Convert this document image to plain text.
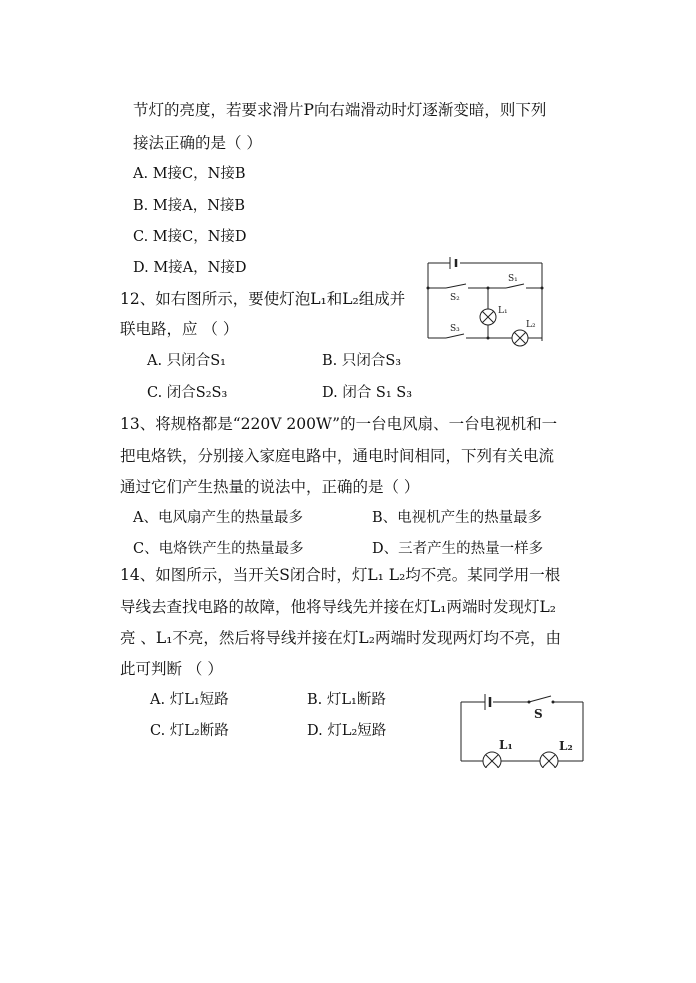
节灯的亮度，若要求滑片P向右端滑动时灯逐渐变暗，则下列
接法正确的是（ ）
A. M接C，N接B
B. M接A，N接B
C. M接C，N接D
D. M接A，N接D
12、如右图所示，要使灯泡L₁和L₂组成并
联电路，应 （ ）
A. 只闭合S₁	B. 只闭合S₃
C. 闭合S₂S₃	D. 闭合 S₁ S₃
S₁
S₂
S₃
L₁
L₂
13、将规格都是“220V 200W”的一台电风扇、一台电视机和一
把电烙铁，分别接入家庭电路中，通电时间相同，下列有关电流
通过它们产生热量的说法中，正确的是（ ）
A、电风扇产生的热量最多	B、电视机产生的热量最多
C、电烙铁产生的热量最多	D、三者产生的热量一样多
14、如图所示，当开关S闭合时，灯L₁ L₂均不亮。某同学用一根
导线去查找电路的故障，他将导线先并接在灯L₁两端时发现灯L₂
亮 、L₁不亮，然后将导线并接在灯L₂两端时发现两灯均不亮，由
此可判断 （ ）
A. 灯L₁短路	B. 灯L₁断路
C. 灯L₂断路	D. 灯L₂短路
S
L₁	L₂
